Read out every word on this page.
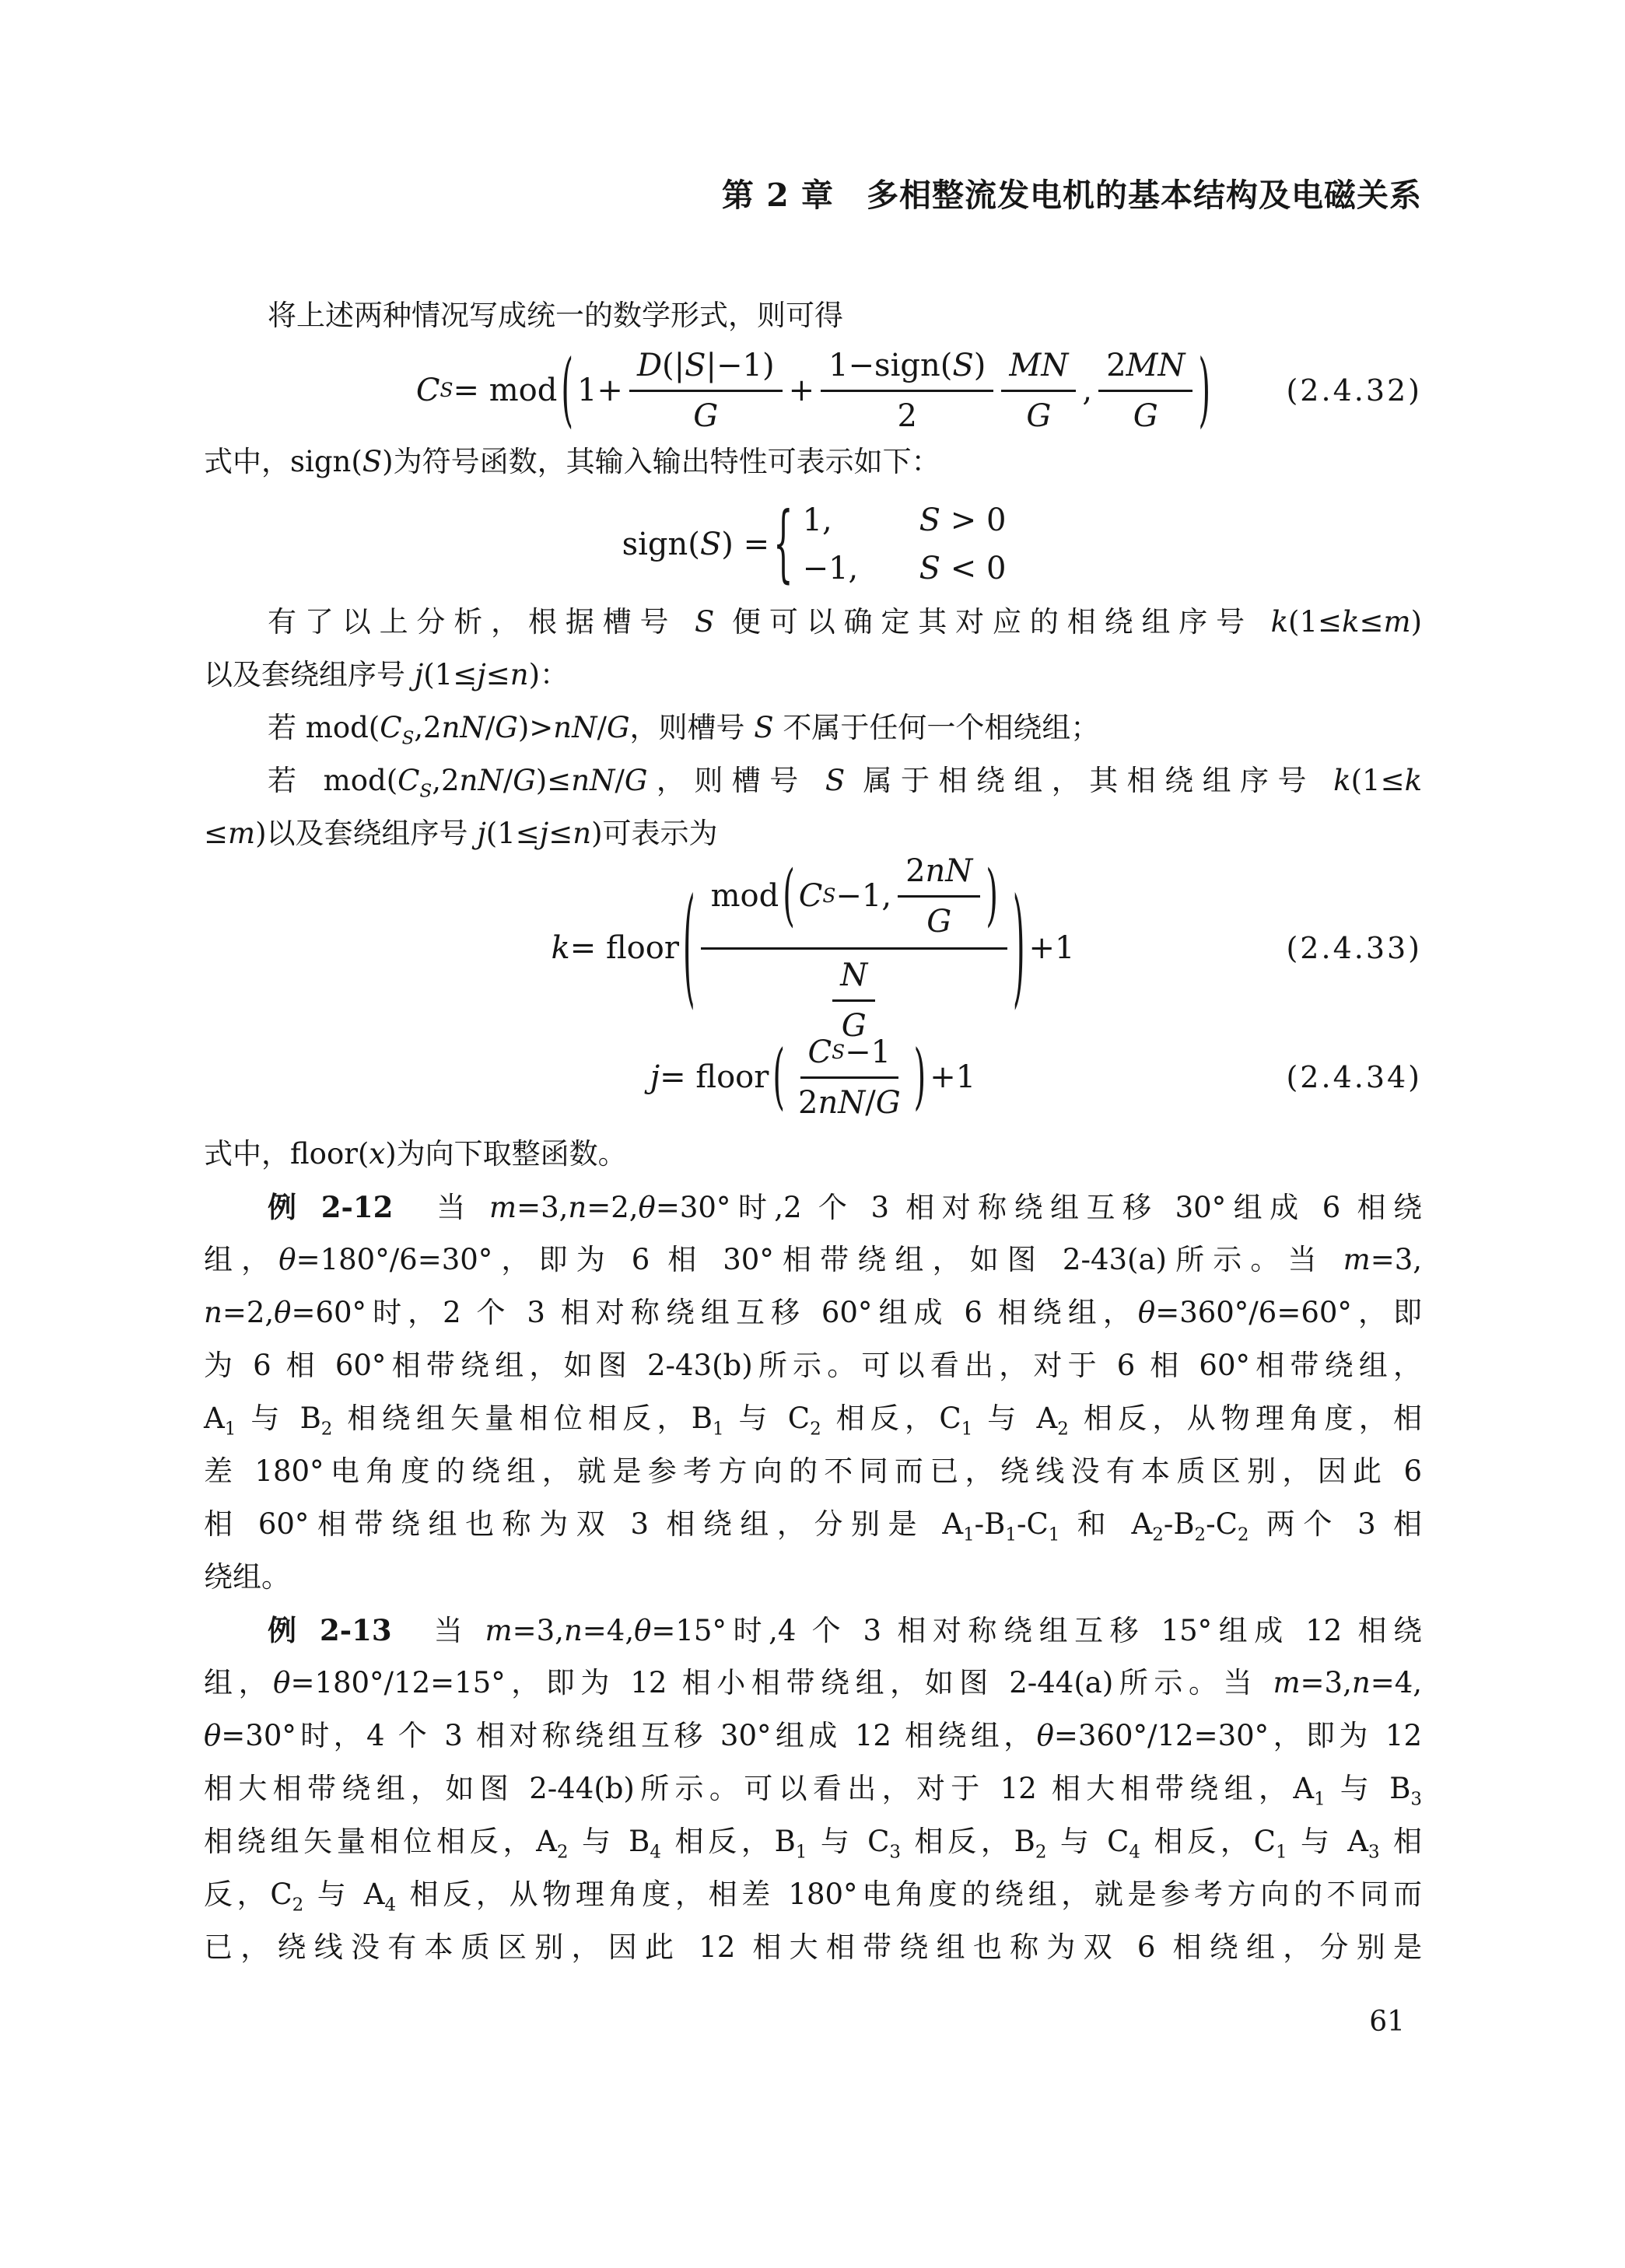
第 2 章　多相整流发电机的基本结构及电磁关系
将上述两种情况写成统一的数学形式，则可得
C S = mod ( $1+ \frac{D (| S |-1)}{G} + \frac{\text{1−sign( S )}}{2} \frac{MN}{G}$ , $\frac{2 MN}{G}$ )	(2.4.32)
式中，sign(S)为符号函数，其输入输出特性可表示如下：
sign( S ) = { 1,	S > 0
−1,	S < 0
有了以上分析，根据槽号 S 便可以确定其对应的相绕组序号 k(1≤k≤m)
以及套绕组序号 j(1≤j≤n)：
若 $mod(C_S,2nN/G)>nN/G$，则槽号 S 不属于任何一个相绕组；
若 $mod(C_S,2nN/G)\le nN/G$，则槽号 S 属于相绕组，其相绕组序号 k(1≤k
≤m)以及套绕组序号 j(1≤j≤n)可表示为
k = floor ( mod ( C S −1, $\frac{2 nN}{G}$ )
$\frac{N}{G}$	) +1	(2.4.33)
j = floor ( $\frac{\text{C S −1}}{2 nN / G}$ ) +1	(2.4.34)
式中，floor(x)为向下取整函数。
例 2-12　当 m=3,n=2,θ=30°时,2 个 3 相对称绕组互移 30°组成 6 相绕
组，θ=180°/6=30°，即为 6 相 30°相带绕组，如图 2-43(a)所示。当 m=3,
n=2,θ=60°时，2 个 3 相对称绕组互移 60°组成 6 相绕组，θ=360°/6=60°，即
为 6 相 60°相带绕组，如图 2-43(b)所示。可以看出，对于 6 相 60°相带绕组，
$A_1$ 与 $B_2$ 相绕组矢量相位相反，$B_1$ 与 $C_2$ 相反，$C_1$ 与 $A_2$ 相反，从物理角度，相
差 180°电角度的绕组，就是参考方向的不同而已，绕线没有本质区别，因此 6
相 60°相带绕组也称为双 3 相绕组，分别是 $A_1-B_1-C_1$ 和 $A_2-B_2-C_2$ 两个 3 相
绕组。
例 2-13　当 m=3,n=4,θ=15°时,4 个 3 相对称绕组互移 15°组成 12 相绕
组，θ=180°/12=15°，即为 12 相小相带绕组，如图 2-44(a)所示。当 m=3,n=4,
θ=30°时，4 个 3 相对称绕组互移 30°组成 12 相绕组，θ=360°/12=30°，即为 12
相大相带绕组，如图 2-44(b)所示。可以看出，对于 12 相大相带绕组，$A_1$ 与 $B_3$
相绕组矢量相位相反，$A_2$ 与 $B_4$ 相反，$B_1$ 与 $C_3$ 相反，$B_2$ 与 $C_4$ 相反，$C_1$ 与 $A_3$ 相
反，$C_2$ 与 $A_4$ 相反，从物理角度，相差 180°电角度的绕组，就是参考方向的不同而
已，绕线没有本质区别，因此 12 相大相带绕组也称为双 6 相绕组，分别是
61
